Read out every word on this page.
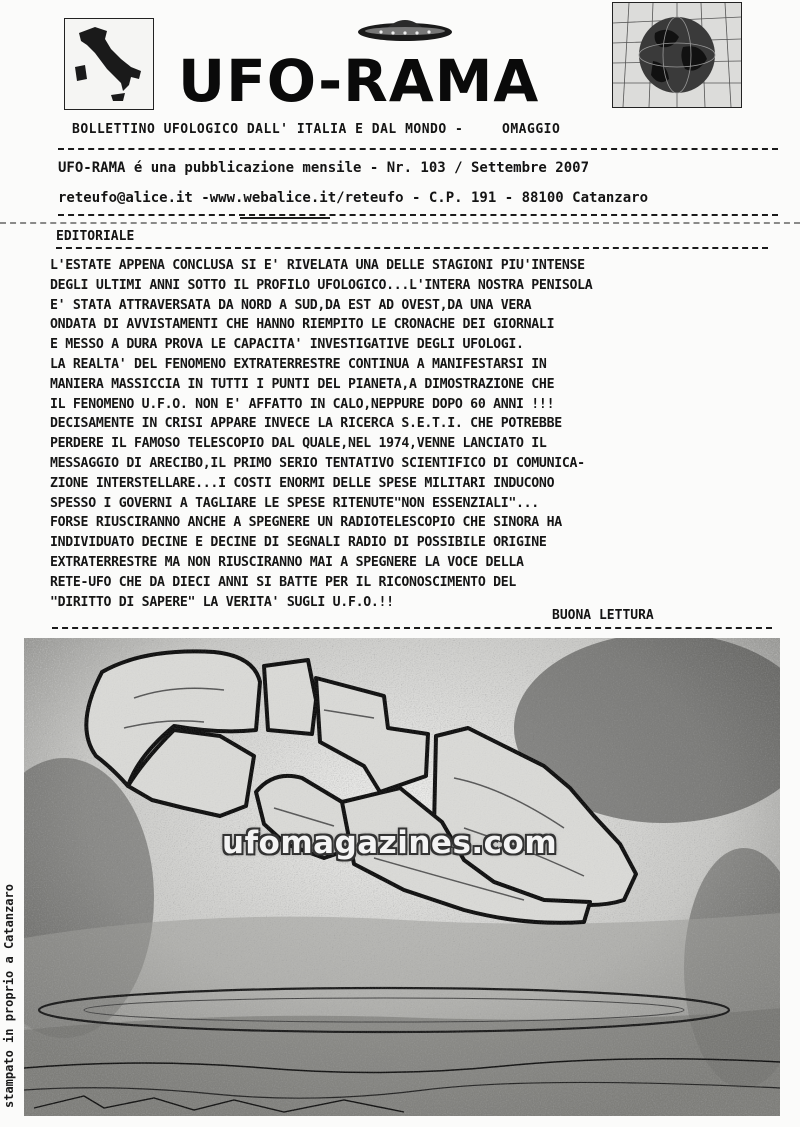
UFO-RAMA
BOLLETTINO UFOLOGICO DALL' ITALIA E DAL MONDO -	OMAGGIO
UFO-RAMA é una pubblicazione mensile - Nr. 103 / Settembre 2007
reteufo@alice.it -www.webalice.it/reteufo - C.P. 191 - 88100 Catanzaro
EDITORIALE
L'ESTATE APPENA CONCLUSA SI E' RIVELATA UNA DELLE STAGIONI PIU'INTENSE
DEGLI ULTIMI ANNI SOTTO IL PROFILO UFOLOGICO...L'INTERA NOSTRA PENISOLA
E' STATA ATTRAVERSATA DA NORD A SUD,DA EST AD OVEST,DA UNA VERA
ONDATA DI AVVISTAMENTI CHE HANNO RIEMPITO LE CRONACHE DEI GIORNALI
E MESSO A DURA PROVA LE CAPACITA' INVESTIGATIVE DEGLI UFOLOGI.
LA REALTA' DEL FENOMENO EXTRATERRESTRE CONTINUA A MANIFESTARSI IN
MANIERA MASSICCIA IN TUTTI I PUNTI DEL PIANETA,A DIMOSTRAZIONE CHE
IL FENOMENO U.F.O. NON E' AFFATTO IN CALO,NEPPURE DOPO 60 ANNI !!!
DECISAMENTE IN CRISI APPARE INVECE LA RICERCA S.E.T.I. CHE POTREBBE
PERDERE IL FAMOSO TELESCOPIO DAL QUALE,NEL 1974,VENNE LANCIATO IL
MESSAGGIO DI ARECIBO,IL PRIMO SERIO TENTATIVO SCIENTIFICO DI COMUNICA-
ZIONE INTERSTELLARE...I COSTI ENORMI DELLE SPESE MILITARI INDUCONO
SPESSO I GOVERNI A TAGLIARE LE SPESE RITENUTE"NON ESSENZIALI"...
FORSE RIUSCIRANNO ANCHE A SPEGNERE UN RADIOTELESCOPIO CHE SINORA HA
INDIVIDUATO DECINE E DECINE DI SEGNALI RADIO DI POSSIBILE ORIGINE
EXTRATERRESTRE MA NON RIUSCIRANNO MAI A SPEGNERE LA VOCE DELLA
RETE-UFO CHE DA DIECI ANNI SI BATTE PER IL RICONOSCIMENTO DEL
"DIRITTO DI SAPERE" LA VERITA' SUGLI U.F.O.!!
BUONA LETTURA
ufomagazines.com
stampato in proprio a Catanzaro
